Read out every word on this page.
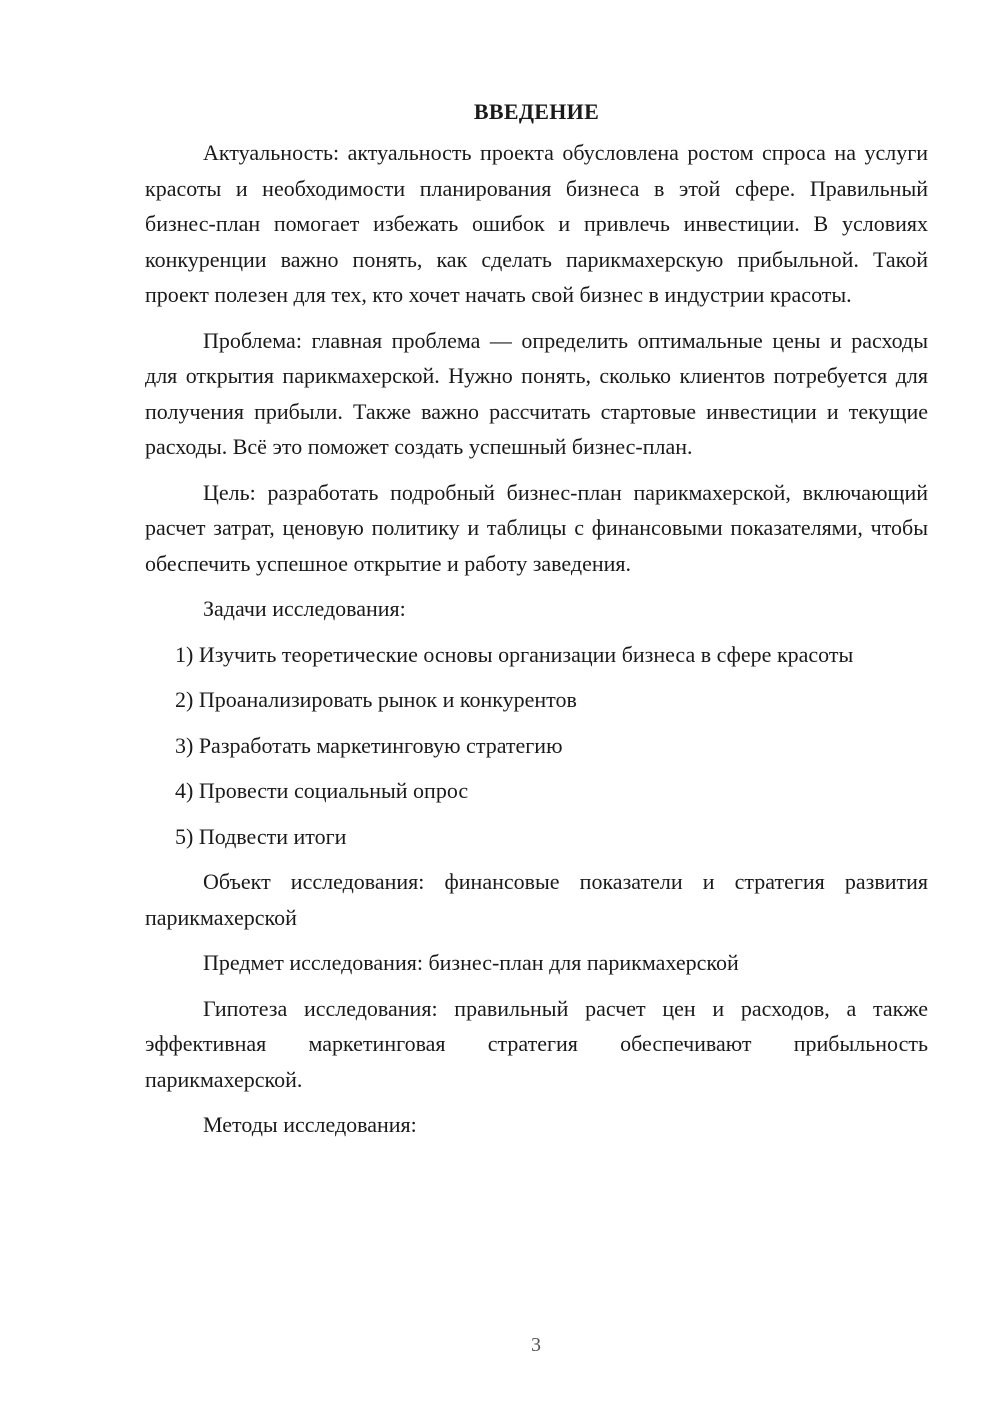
ВВЕДЕНИЕ

Актуальность: актуальность проекта обусловлена ростом спроса на услуги красоты и необходимости планирования бизнеса в этой сфере. Правильный бизнес-план помогает избежать ошибок и привлечь инвестиции. В условиях конкуренции важно понять, как сделать парикмахерскую прибыльной. Такой проект полезен для тех, кто хочет начать свой бизнес в индустрии красоты.

Проблема: главная проблема — определить оптимальные цены и расходы для открытия парикмахерской. Нужно понять, сколько клиентов потребуется для получения прибыли. Также важно рассчитать стартовые инвестиции и текущие расходы. Всё это поможет создать успешный бизнес-план.

Цель: разработать подробный бизнес-план парикмахерской, включающий расчет затрат, ценовую политику и таблицы с финансовыми показателями, чтобы обеспечить успешное открытие и работу заведения.

Задачи исследования:

1) Изучить теоретические основы организации бизнеса в сфере красоты

2) Проанализировать рынок и конкурентов

3) Разработать маркетинговую стратегию

4) Провести социальный опрос

5) Подвести итоги

Объект исследования: финансовые показатели и стратегия развития парикмахерской

Предмет исследования: бизнес-план для парикмахерской

Гипотеза исследования: правильный расчет цен и расходов, а также эффективная маркетинговая стратегия обеспечивают прибыльность парикмахерской.

Методы исследования:

3
